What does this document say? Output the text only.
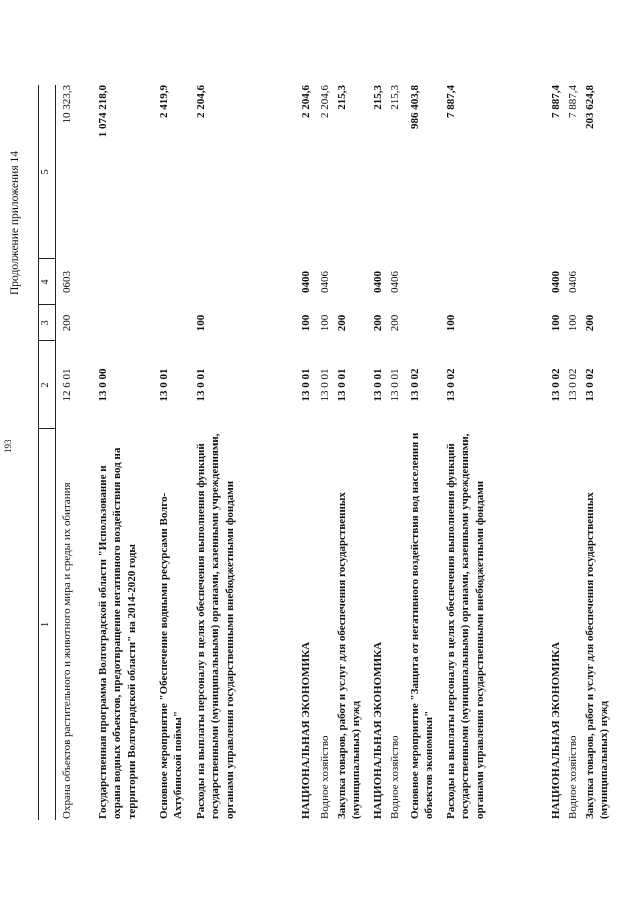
193
Продолжение приложения 14
1
2
3
4
5
Охрана объектов растительного и животного мира и среды их обитания
12 6 01
200
0603
10 323,3
Государственная программа Волгоградской области "Использование и охрана водных объектов, предотвращение негативного воздействия вод на территории Волгоградской области" на 2014-2020 годы
13 0 00
1 074 218,0
Основное мероприятие "Обеспечение водными ресурсами Волго-Ахтубинской поймы"
13 0 01
2 419,9
Расходы на выплаты персоналу в целях обеспечения выполнения функций государственными (муниципальными) органами, казенными учреждениями, органами управления государственными внебюджетными фондами
13 0 01
100
2 204,6
НАЦИОНАЛЬНАЯ ЭКОНОМИКА
13 0 01
100
0400
2 204,6
Водное хозяйство
13 0 01
100
0406
2 204,6
Закупка товаров, работ и услуг для обеспечения государственных (муниципальных) нужд
13 0 01
200
215,3
НАЦИОНАЛЬНАЯ ЭКОНОМИКА
13 0 01
200
0400
215,3
Водное хозяйство
13 0 01
200
0406
215,3
Основное мероприятие "Защита от негативного воздействия вод населения и объектов экономики"
13 0 02
986 403,8
Расходы на выплаты персоналу в целях обеспечения выполнения функций государственными (муниципальными) органами, казенными учреждениями, органами управления государственными внебюджетными фондами
13 0 02
100
7 887,4
НАЦИОНАЛЬНАЯ ЭКОНОМИКА
13 0 02
100
0400
7 887,4
Водное хозяйство
13 0 02
100
0406
7 887,4
Закупка товаров, работ и услуг для обеспечения государственных (муниципальных) нужд
13 0 02
200
203 624,8
